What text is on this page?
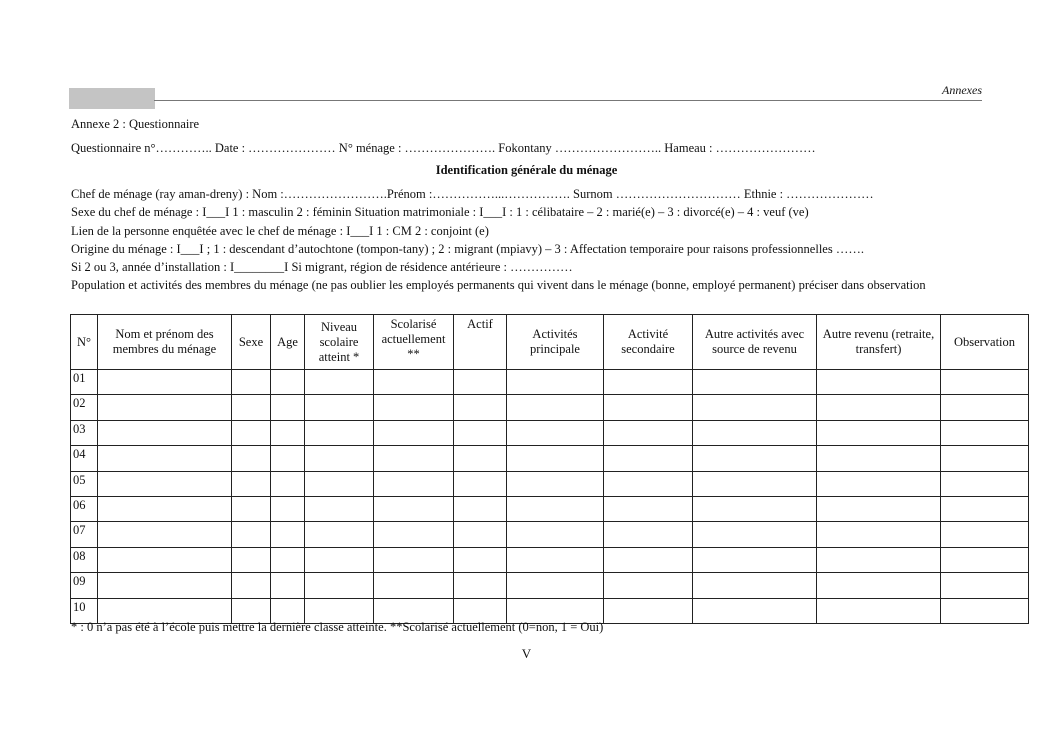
Annexes
Annexe 2 : Questionnaire
Questionnaire n°………….. Date : ………………… N° ménage : …………………. Fokontany …………………….. Hameau : ……………………
Identification générale du ménage
Chef de ménage (ray aman-dreny) : Nom :…………………….Prénom :……………...……………. Surnom ………………………… Ethnie : …………………
Sexe du chef de ménage : I___I 1 : masculin 2 : féminin Situation matrimoniale : I___I : 1 : célibataire – 2 : marié(e) – 3 : divorcé(e) – 4 : veuf (ve)
Lien de la personne enquêtée avec le chef de ménage : I___I 1 : CM 2 : conjoint (e)
Origine du ménage : I___I ; 1 : descendant d’autochtone (tompon-tany) ; 2 : migrant (mpiavy) – 3 : Affectation temporaire pour raisons professionnelles …….
Si 2 ou 3, année d’installation : I________I Si migrant, région de résidence antérieure : ……………
Population et activités des membres du ménage (ne pas oublier les employés permanents qui vivent dans le ménage (bonne, employé permanent) préciser dans observation
N°	Nom et prénom des membres du ménage	Sexe	Age	Niveau scolaire atteint *	Scolarisé actuellement **	Actif	Activités principale	Activité secondaire	Autre activités avec source de revenu	Autre revenu (retraite, transfert)	Observation
01											
02											
03											
04											
05											
06											
07											
08											
09											
10											
* : 0 n’a pas été à l’école puis mettre la dernière classe atteinte. **Scolarisé actuellement (0=non, 1 = Oui)
V
